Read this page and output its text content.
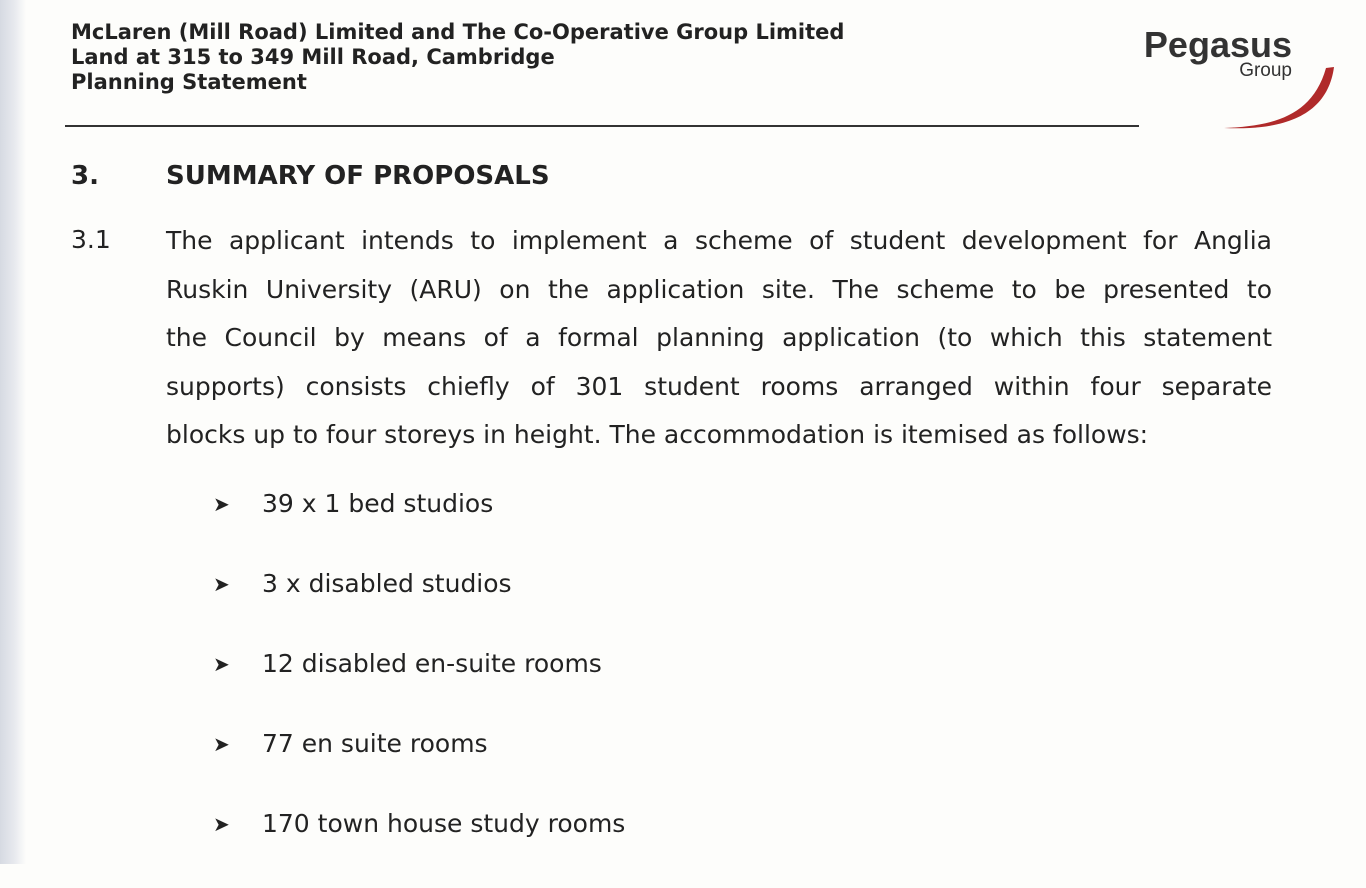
McLaren (Mill Road) Limited and The Co-Operative Group Limited
Land at 315 to 349 Mill Road, Cambridge
Planning Statement
Pegasus
Group
3.	SUMMARY OF PROPOSALS
3.1 The applicant intends to implement a scheme of student development for Anglia
Ruskin University (ARU) on the application site. The scheme to be presented to
the Council by means of a formal planning application (to which this statement
supports) consists chiefly of 301 student rooms arranged within four separate
blocks up to four storeys in height. The accommodation is itemised as follows:
➤	39 x 1 bed studios
➤	3 x disabled studios
➤	12 disabled en-suite rooms
➤	77 en suite rooms
➤	170 town house study rooms
